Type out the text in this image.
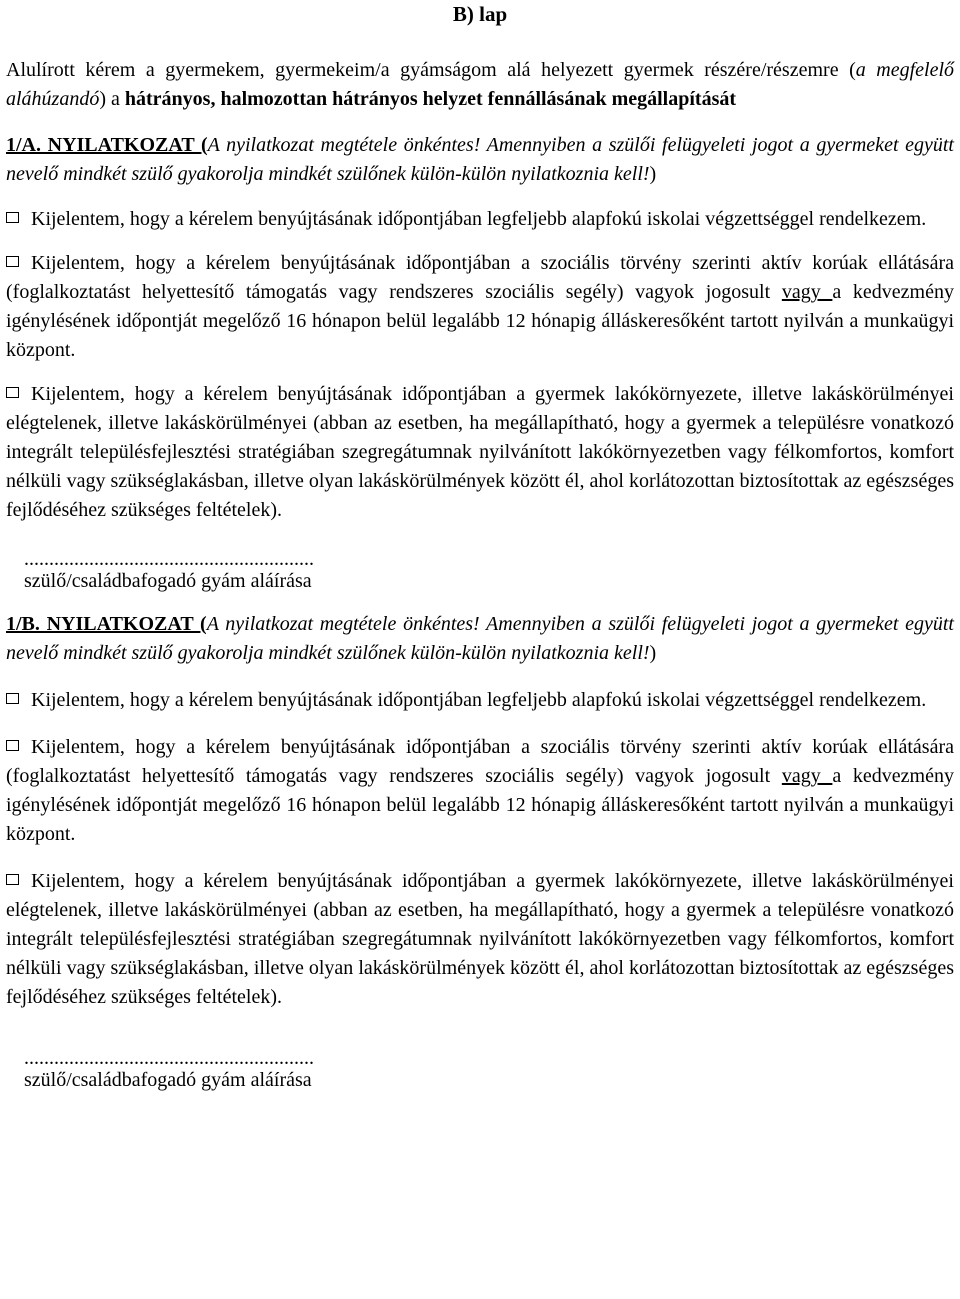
B) lap
Alulírott kérem a gyermekem, gyermekeim/a gyámságom alá helyezett gyermek részére/részemre (a megfelelő aláhúzandó) a hátrányos, halmozottan hátrányos helyzet fennállásának megállapítását
1/A. NYILATKOZAT (A nyilatkozat megtétele önkéntes! Amennyiben a szülői felügyeleti jogot a gyermeket együtt nevelő mindkét szülő gyakorolja mindkét szülőnek külön-külön nyilatkoznia kell!)
Kijelentem, hogy a kérelem benyújtásának időpontjában legfeljebb alapfokú iskolai végzettséggel rendelkezem.
Kijelentem, hogy a kérelem benyújtásának időpontjában a szociális törvény szerinti aktív korúak ellátására (foglalkoztatást helyettesítő támogatás vagy rendszeres szociális segély) vagyok jogosult vagy a kedvezmény igénylésének időpontját megelőző 16 hónapon belül legalább 12 hónapig álláskeresőként tartott nyilván a munkaügyi központ.
Kijelentem, hogy a kérelem benyújtásának időpontjában a gyermek lakókörnyezete, illetve lakáskörülményei elégtelenek, illetve lakáskörülményei (abban az esetben, ha megállapítható, hogy a gyermek a településre vonatkozó integrált településfejlesztési stratégiában szegregátumnak nyilvánított lakókörnyezetben vagy félkomfortos, komfort nélküli vagy szükséglakásban, illetve olyan lakáskörülmények között él, ahol korlátozottan biztosítottak az egészséges fejlődéséhez szükséges feltételek).
..........................................................
szülő/családbafogadó gyám aláírása
1/B. NYILATKOZAT (A nyilatkozat megtétele önkéntes! Amennyiben a szülői felügyeleti jogot a gyermeket együtt nevelő mindkét szülő gyakorolja mindkét szülőnek külön-külön nyilatkoznia kell!)
Kijelentem, hogy a kérelem benyújtásának időpontjában legfeljebb alapfokú iskolai végzettséggel rendelkezem.
Kijelentem, hogy a kérelem benyújtásának időpontjában a szociális törvény szerinti aktív korúak ellátására (foglalkoztatást helyettesítő támogatás vagy rendszeres szociális segély) vagyok jogosult vagy a kedvezmény igénylésének időpontját megelőző 16 hónapon belül legalább 12 hónapig álláskeresőként tartott nyilván a munkaügyi központ.
Kijelentem, hogy a kérelem benyújtásának időpontjában a gyermek lakókörnyezete, illetve lakáskörülményei elégtelenek, illetve lakáskörülményei (abban az esetben, ha megállapítható, hogy a gyermek a településre vonatkozó integrált településfejlesztési stratégiában szegregátumnak nyilvánított lakókörnyezetben vagy félkomfortos, komfort nélküli vagy szükséglakásban, illetve olyan lakáskörülmények között él, ahol korlátozottan biztosítottak az egészséges fejlődéséhez szükséges feltételek).
..........................................................
szülő/családbafogadó gyám aláírása
